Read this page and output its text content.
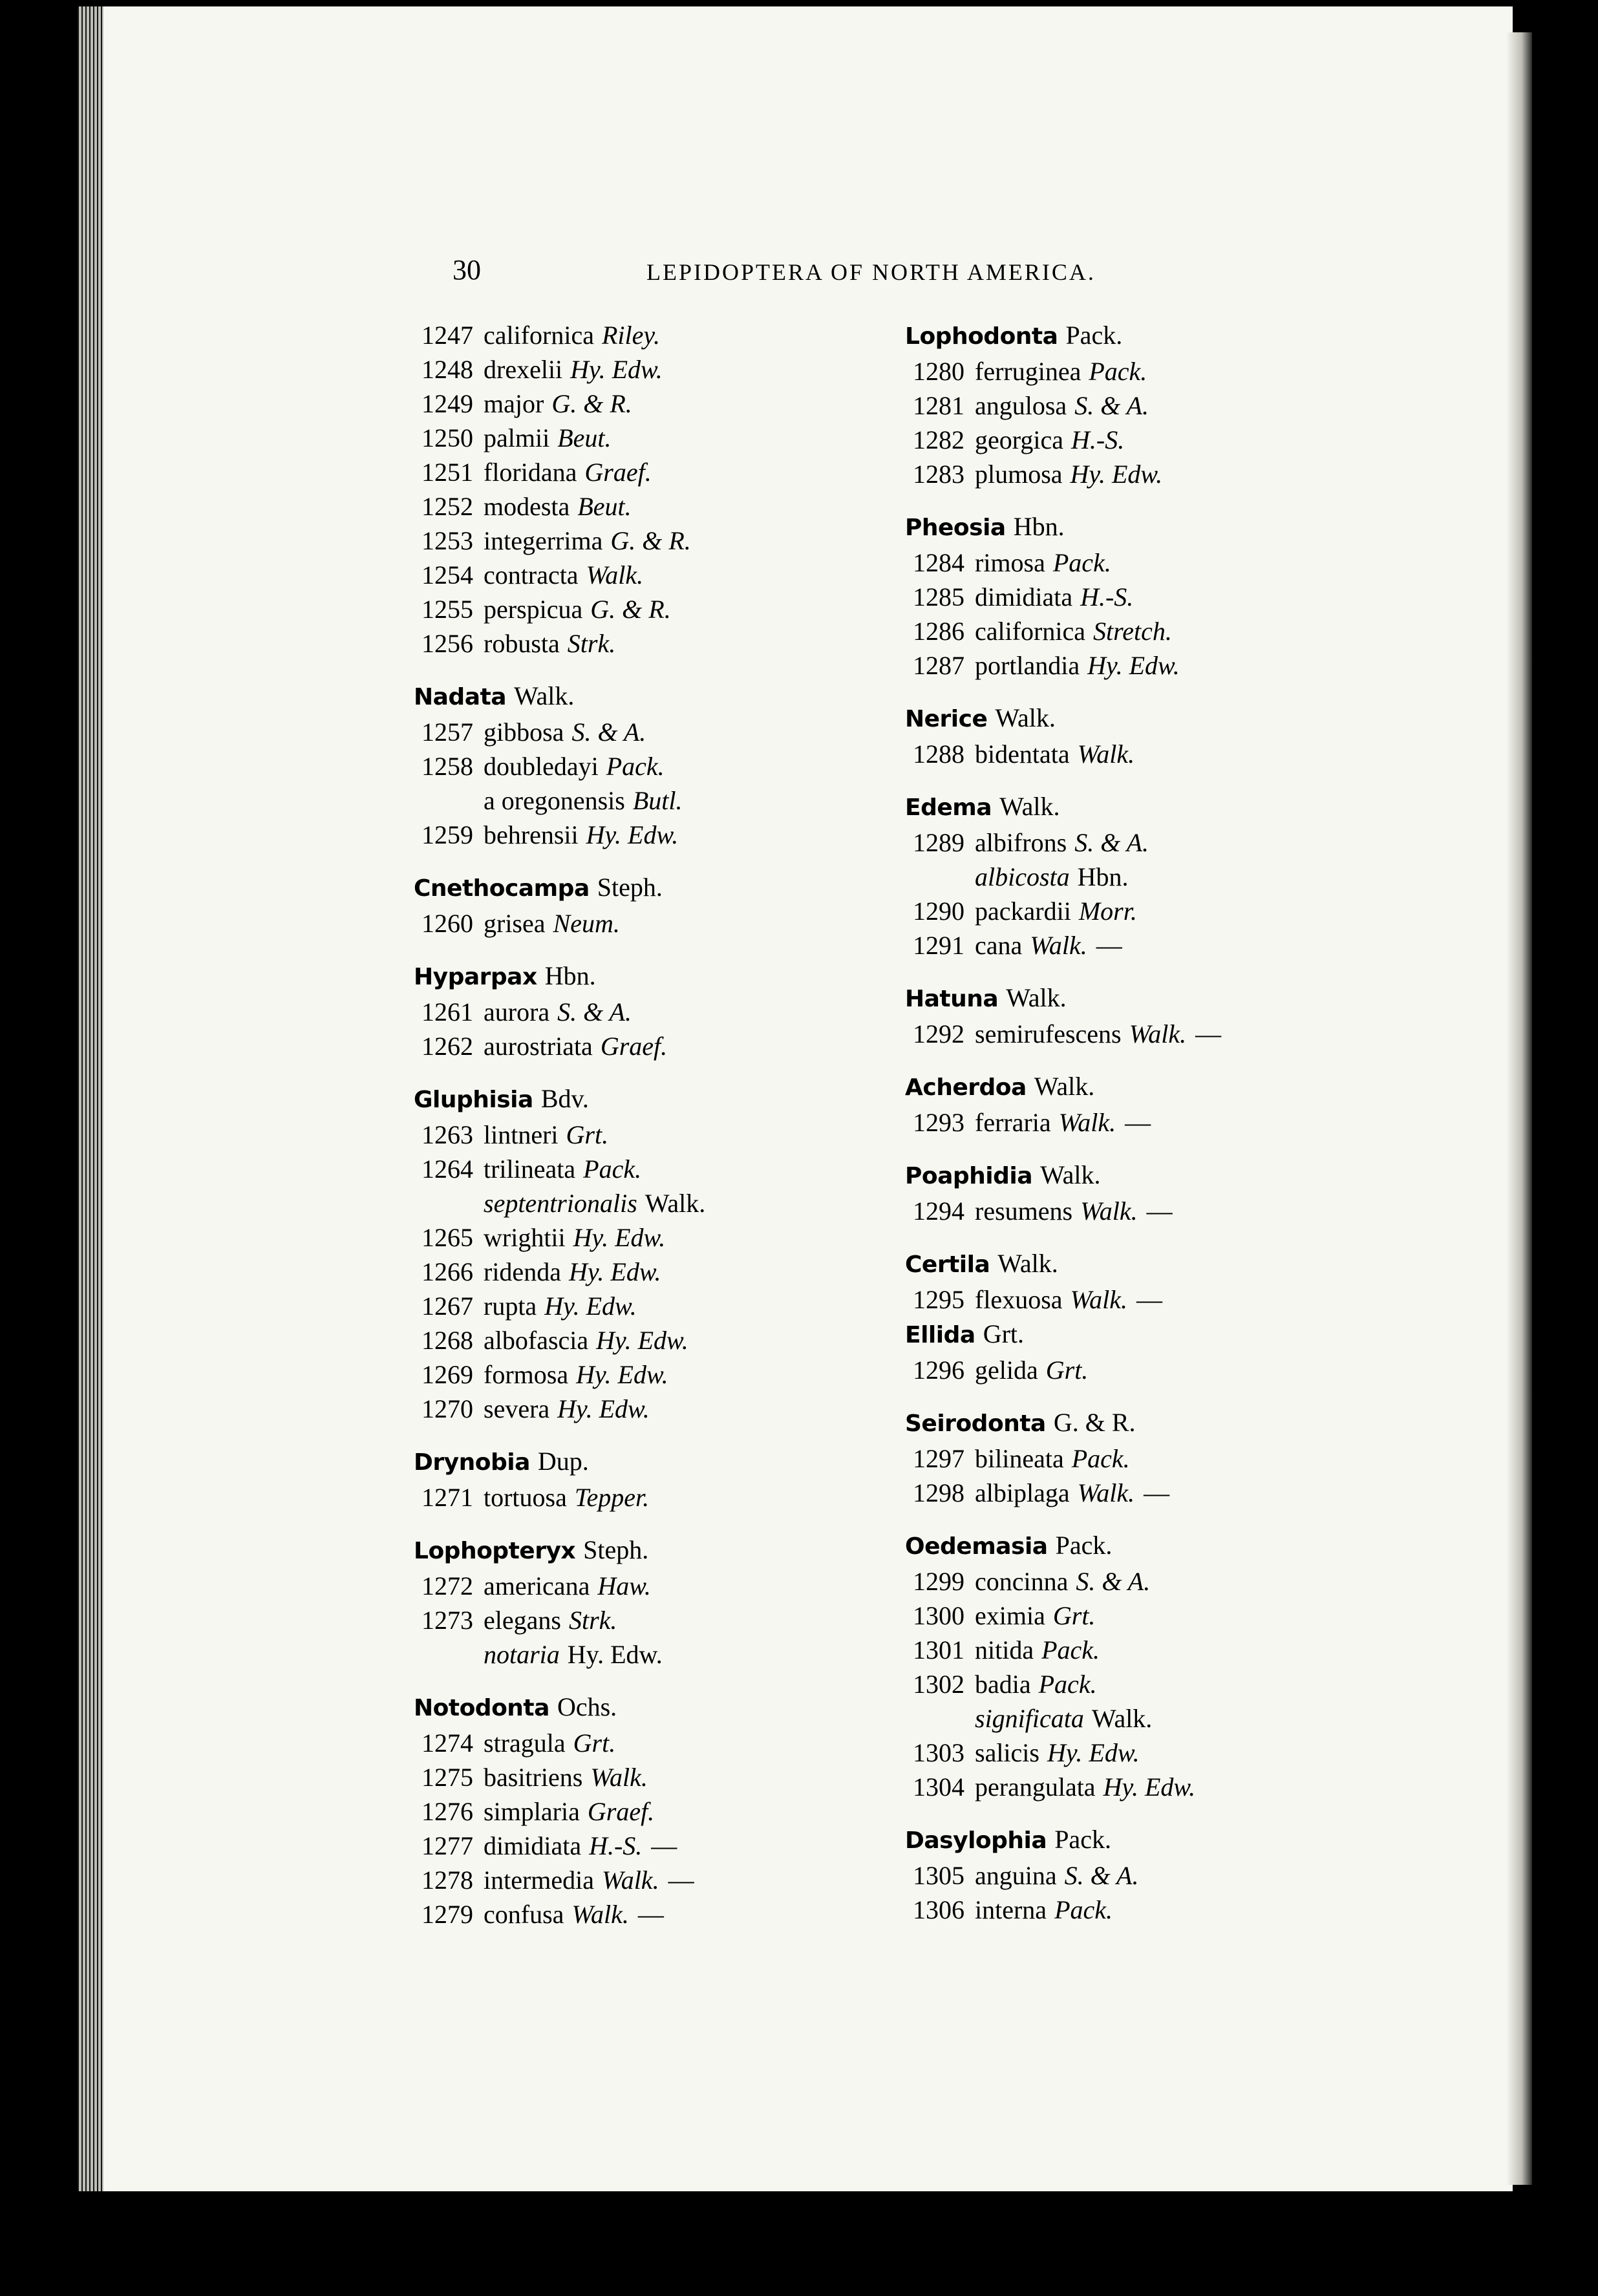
30	LEPIDOPTERA OF NORTH AMERICA.
1247 californica Riley.
1248 drexelii Hy. Edw.
1249 major G. & R.
1250 palmii Beut.
1251 floridana Graef.
1252 modesta Beut.
1253 integerrima G. & R.
1254 contracta Walk.
1255 perspicua G. & R.
1256 robusta Strk.
Nadata Walk.
1257 gibbosa S. & A.
1258 doubledayi Pack.
a oregonensis Butl.
1259 behrensii Hy. Edw.
Cnethocampa Steph.
1260 grisea Neum.
Hyparpax Hbn.
1261 aurora S. & A.
1262 aurostriata Graef.
Gluphisia Bdv.
1263 lintneri Grt.
1264 trilineata Pack.
septentrionalis Walk.
1265 wrightii Hy. Edw.
1266 ridenda Hy. Edw.
1267 rupta Hy. Edw.
1268 albofascia Hy. Edw.
1269 formosa Hy. Edw.
1270 severa Hy. Edw.
Drynobia Dup.
1271 tortuosa Tepper.
Lophopteryx Steph.
1272 americana Haw.
1273 elegans Strk.
notaria Hy. Edw.
Notodonta Ochs.
1274 stragula Grt.
1275 basitriens Walk.
1276 simplaria Graef.
1277 dimidiata H.-S. —
1278 intermedia Walk. —
1279 confusa Walk. —
Lophodonta Pack.
1280 ferruginea Pack.
1281 angulosa S. & A.
1282 georgica H.-S.
1283 plumosa Hy. Edw.
Pheosia Hbn.
1284 rimosa Pack.
1285 dimidiata H.-S.
1286 californica Stretch.
1287 portlandia Hy. Edw.
Nerice Walk.
1288 bidentata Walk.
Edema Walk.
1289 albifrons S. & A.
albicosta Hbn.
1290 packardii Morr.
1291 cana Walk. —
Hatuna Walk.
1292 semirufescens Walk. —
Acherdoa Walk.
1293 ferraria Walk. —
Poaphidia Walk.
1294 resumens Walk. —
Certila Walk.
1295 flexuosa Walk. —
Ellida Grt.
1296 gelida Grt.
Seirodonta G. & R.
1297 bilineata Pack.
1298 albiplaga Walk. —
Oedemasia Pack.
1299 concinna S. & A.
1300 eximia Grt.
1301 nitida Pack.
1302 badia Pack.
significata Walk.
1303 salicis Hy. Edw.
1304 perangulata Hy. Edw.
Dasylophia Pack.
1305 anguina S. & A.
1306 interna Pack.
